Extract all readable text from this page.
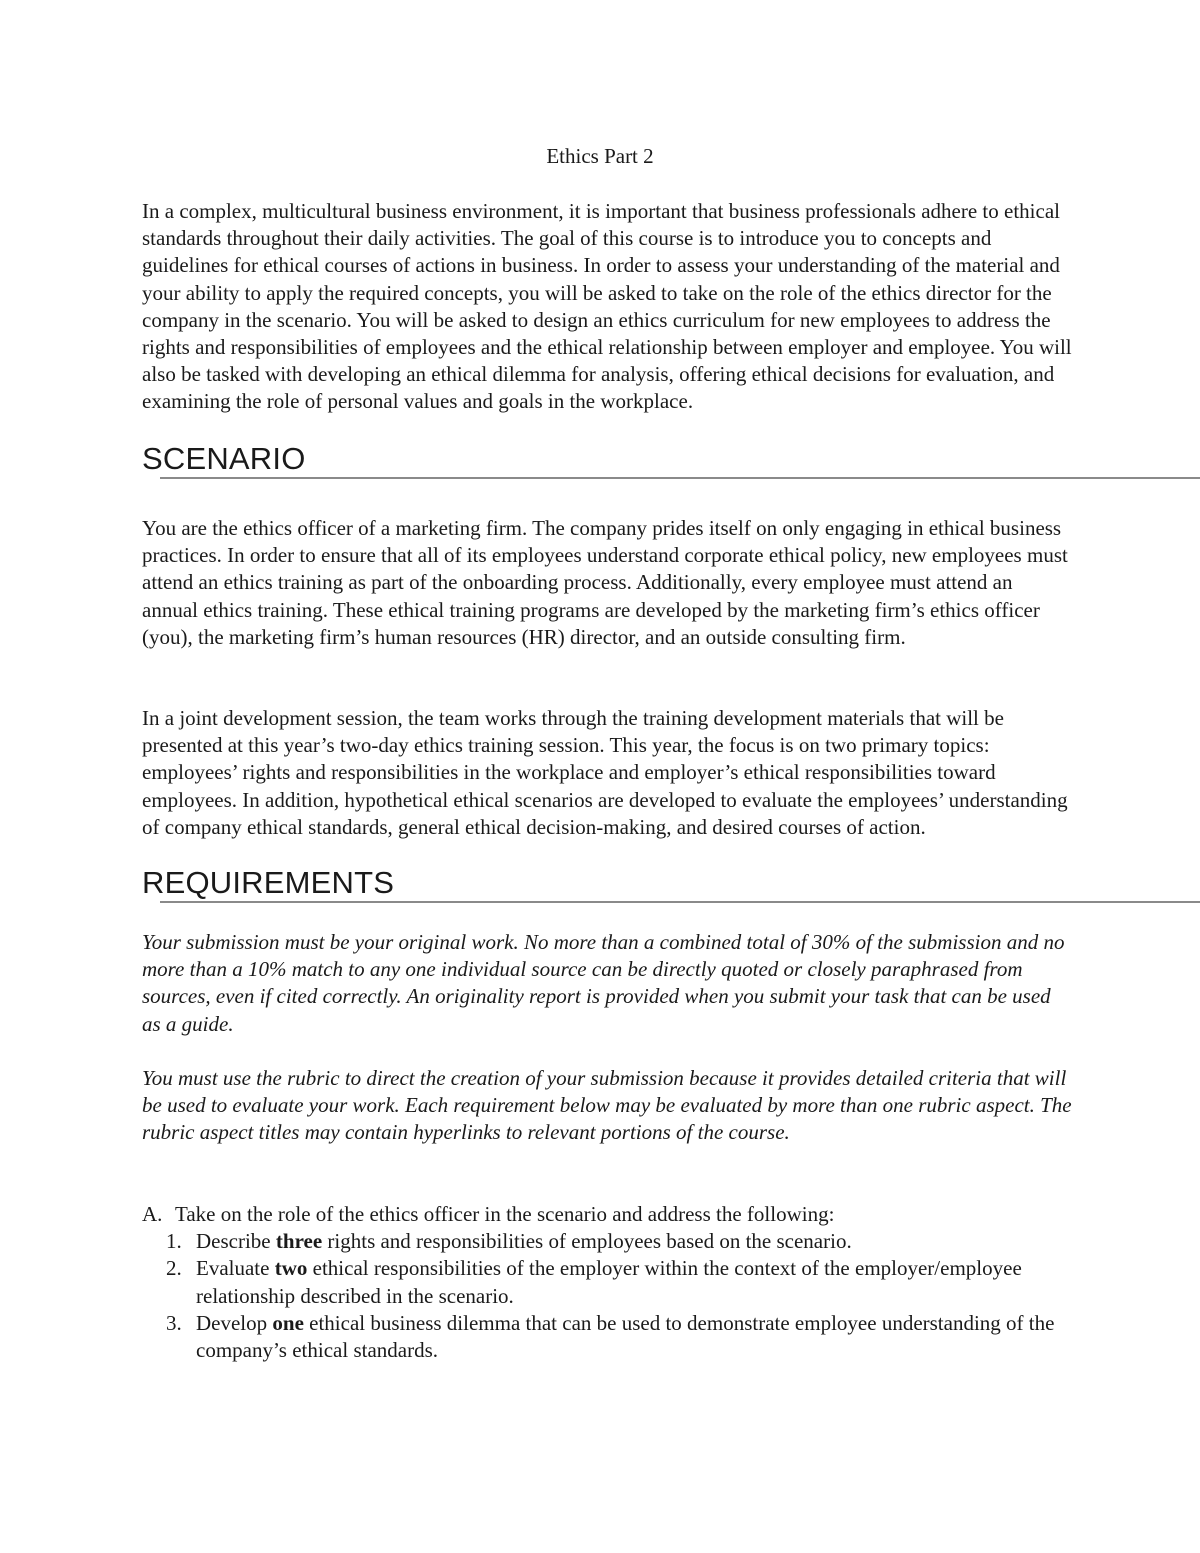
Ethics Part 2

In a complex, multicultural business environment, it is important that business professionals adhere to ethical standards throughout their daily activities. The goal of this course is to introduce you to concepts and guidelines for ethical courses of actions in business. In order to assess your understanding of the material and your ability to apply the required concepts, you will be asked to take on the role of the ethics director for the company in the scenario. You will be asked to design an ethics curriculum for new employees to address the rights and responsibilities of employees and the ethical relationship between employer and employee. You will also be tasked with developing an ethical dilemma for analysis, offering ethical decisions for evaluation, and examining the role of personal values and goals in the workplace.

SCENARIO

You are the ethics officer of a marketing firm. The company prides itself on only engaging in ethical business practices. In order to ensure that all of its employees understand corporate ethical policy, new employees must attend an ethics training as part of the onboarding process. Additionally, every employee must attend an annual ethics training. These ethical training programs are developed by the marketing firm’s ethics officer (you), the marketing firm’s human resources (HR) director, and an outside consulting firm.

In a joint development session, the team works through the training development materials that will be presented at this year’s two-day ethics training session. This year, the focus is on two primary topics: employees’ rights and responsibilities in the workplace and employer’s ethical responsibilities toward employees. In addition, hypothetical ethical scenarios are developed to evaluate the employees’ understanding of company ethical standards, general ethical decision-making, and desired courses of action.

REQUIREMENTS

Your submission must be your original work. No more than a combined total of 30% of the submission and no more than a 10% match to any one individual source can be directly quoted or closely paraphrased from sources, even if cited correctly. An originality report is provided when you submit your task that can be used as a guide.

You must use the rubric to direct the creation of your submission because it provides detailed criteria that will be used to evaluate your work. Each requirement below may be evaluated by more than one rubric aspect. The rubric aspect titles may contain hyperlinks to relevant portions of the course.

A. Take on the role of the ethics officer in the scenario and address the following:
1. Describe three rights and responsibilities of employees based on the scenario.
2. Evaluate two ethical responsibilities of the employer within the context of the employer/employee relationship described in the scenario.
3. Develop one ethical business dilemma that can be used to demonstrate employee understanding of the company’s ethical standards.
